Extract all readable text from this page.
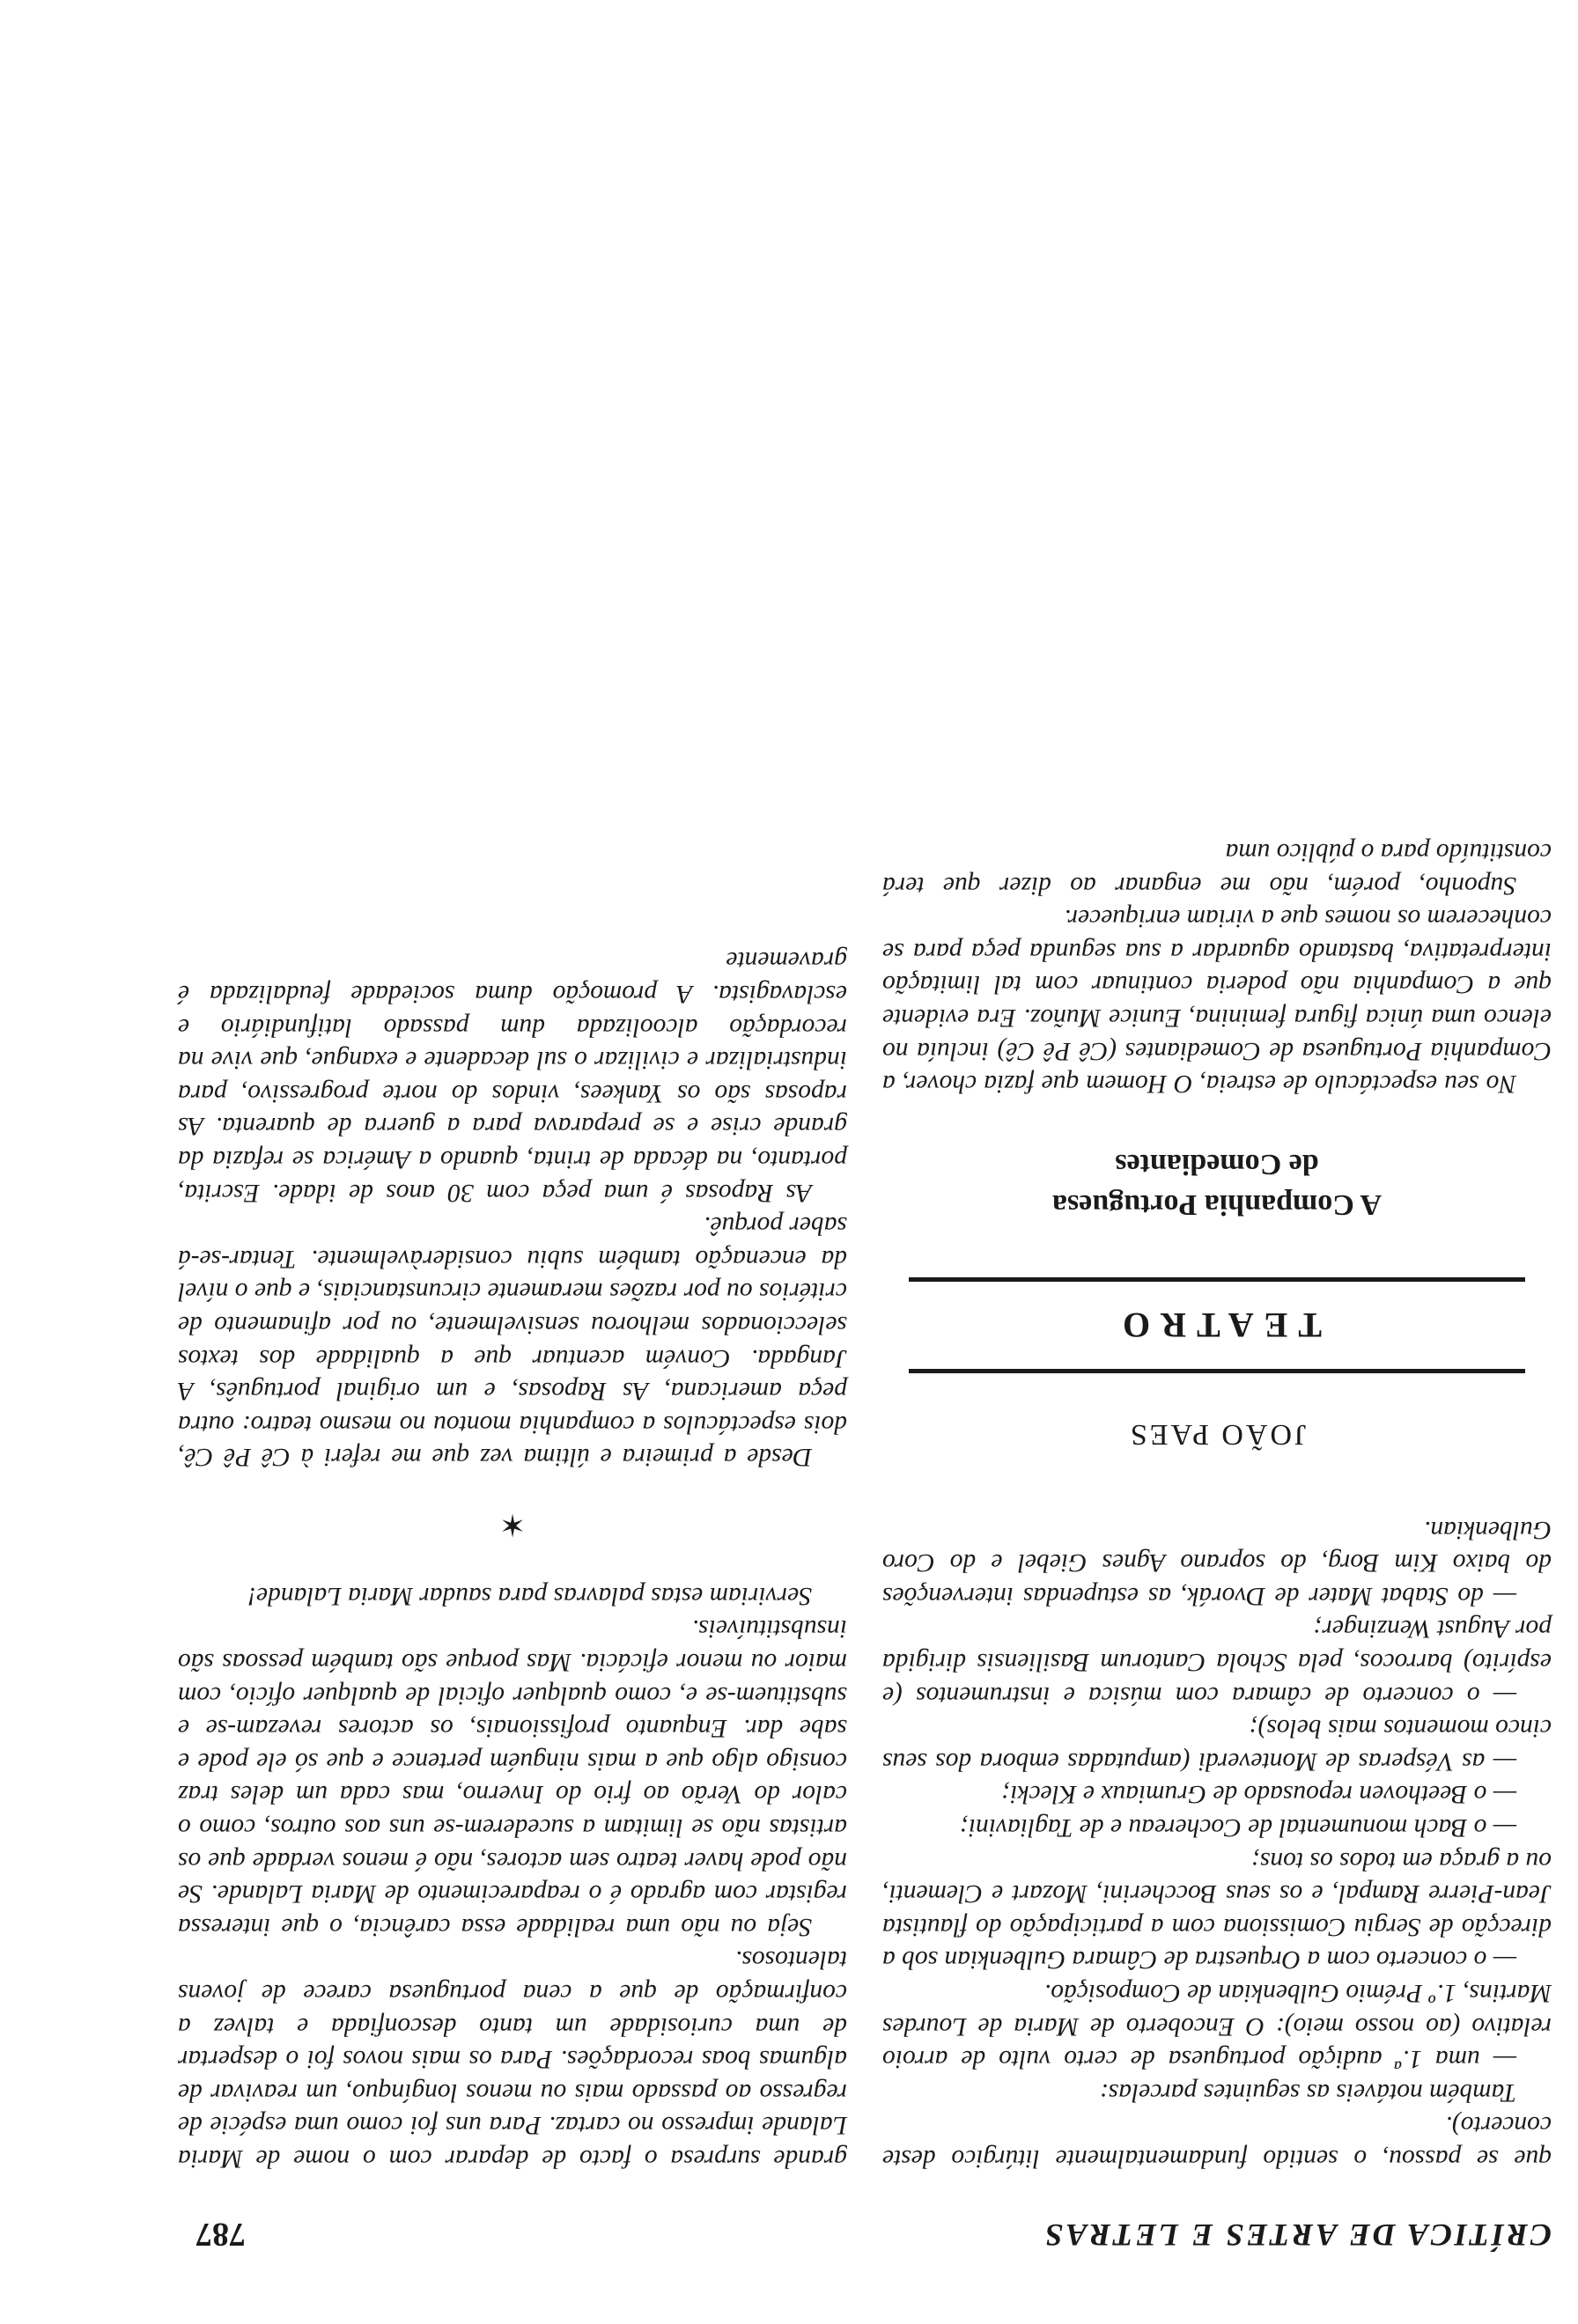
CRÍTICA DE ARTES E LETRAS
787

que se passou, o sentido fundamentalmente litúrgico deste concerto).

Também notáveis as seguintes parcelas:

— uma 1.ª audição portuguesa de certo vulto de arroio relativo (ao nosso meio): O Encoberto de Maria de Lourdes Martins, 1.º Prémio Gulbenkian de Composição.
— o concerto com a Orquestra de Câmara Gulbenkian sob a direcção de Sergiu Comissiona com a participação do flautista Jean-Pierre Rampal, e os seus Boccherini, Mozart e Clementi, ou a graça em todos os tons;
— o Bach monumental de Cochereau e de Tagliavini;
— o Beethoven repousado de Grumiaux e Klecki;
— as Vésperas de Monteverdi (amputadas embora dos seus cinco momentos mais belos);
— o concerto de câmara com música e instrumentos (e espírito) barrocos, pela Schola Cantorum Basiliensis dirigida por August Wenzinger;
— do Stabat Mater de Dvorák, as estupendas intervenções do baixo Kim Borg, do soprano Agnes Giebel e do Coro Gulbenkian.
JOÃO PAES
TEATRO
A Companhia Portuguesa
de Comediantes

No seu espectáculo de estreia, O Homem que fazia chover, a Companhia Portuguesa de Comediantes (Cê Pê Cê) incluía no elenco uma única figura feminina, Eunice Muñoz. Era evidente que a Companhia não poderia continuar com tal limitação interpretativa, bastando aguardar a sua segunda peça para se conhecerem os nomes que a viriam enriquecer.

Suponho, porém, não me enganar ao dizer que terá constituído para o público uma

grande surpresa o facto de deparar com o nome de Maria Lalande impresso no cartaz. Para uns foi como uma espécie de regresso ao passado mais ou menos longínquo, um reavivar de algumas boas recordações. Para os mais novos foi o despertar de uma curiosidade um tanto desconfiada e talvez a confirmação de que a cena portuguesa carece de jovens talentosos.

Seja ou não uma realidade essa carência, o que interessa registar com agrado é o reaparecimento de Maria Lalande. Se não pode haver teatro sem actores, não é menos verdade que os artistas não se limitam a sucederem-se uns aos outros, como o calor do Verão ao frio do Inverno, mas cada um deles traz consigo algo que a mais ninguém pertence e que só ele pode e sabe dar. Enquanto profissionais, os actores revezam-se e substituem-se e, como qualquer oficial de qualquer ofício, com maior ou menor eficácia. Mas porque são também pessoas são insubstituíveis.

Serviriam estas palavras para saudar Maria Lalande!

✶

Desde a primeira e última vez que me referi à Cê Pê Cê, dois espectáculos a companhia montou no mesmo teatro: outra peça americana, As Raposas, e um original português, A Jangada. Convém acentuar que a qualidade dos textos seleccionados melhorou sensivelmente, ou por afinamento de critérios ou por razões meramente circunstanciais, e que o nível da encenação também subiu consideràvelmente. Tentar-se-á saber porquê.

As Raposas é uma peça com 30 anos de idade. Escrita, portanto, na década de trinta, quando a América se refazia da grande crise e se preparava para a guerra de quarenta. As raposas são os Yankees, vindos do norte progressivo, para industrializar e civilizar o sul decadente e exangue, que vive na recordação alcoolizada dum passado latifundiário e esclavagista. A promoção duma sociedade feudalizada é gravemente
